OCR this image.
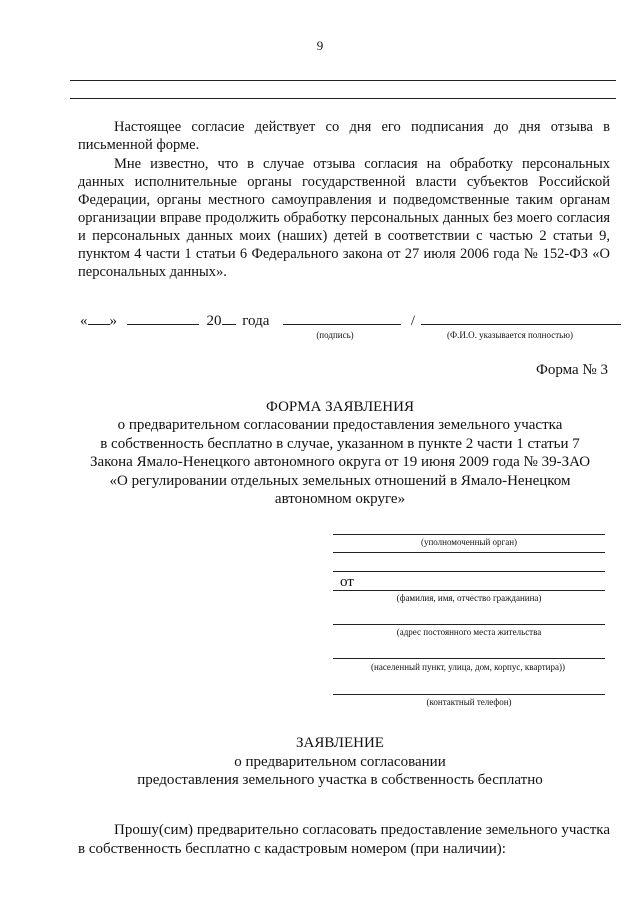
9
Настоящее согласие действует со дня его подписания до дня отзыва в письменной форме.
Мне известно, что в случае отзыва согласия на обработку персональных данных исполнительные органы государственной власти субъектов Российской Федерации, органы местного самоуправления и подведомственные таким органам организации вправе продолжить обработку персональных данных без моего согласия и персональных данных моих (наших) детей в соответствии с частью 2 статьи 9, пунктом 4 части 1 статьи 6 Федерального закона от 27 июля 2006 года № 152-ФЗ «О персональных данных».
« »	20 года	/
(подпись)	(Ф.И.О. указывается полностью)
Форма № 3
ФОРМА ЗАЯВЛЕНИЯ
о предварительном согласовании предоставления земельного участка
в собственность бесплатно в случае, указанном в пункте 2 части 1 статьи 7
Закона Ямало-Ненецкого автономного округа от 19 июня 2009 года № 39-ЗАО
«О регулировании отдельных земельных отношений в Ямало-Ненецком
автономном округе»
(уполномоченный орган)
от
(фамилия, имя, отчество гражданина)
(адрес постоянного места жительства
(населенный пункт, улица, дом, корпус, квартира))
(контактный телефон)
ЗАЯВЛЕНИЕ
о предварительном согласовании
предоставления земельного участка в собственность бесплатно
Прошу(сим) предварительно согласовать предоставление земельного участка в собственность бесплатно с кадастровым номером (при наличии):
